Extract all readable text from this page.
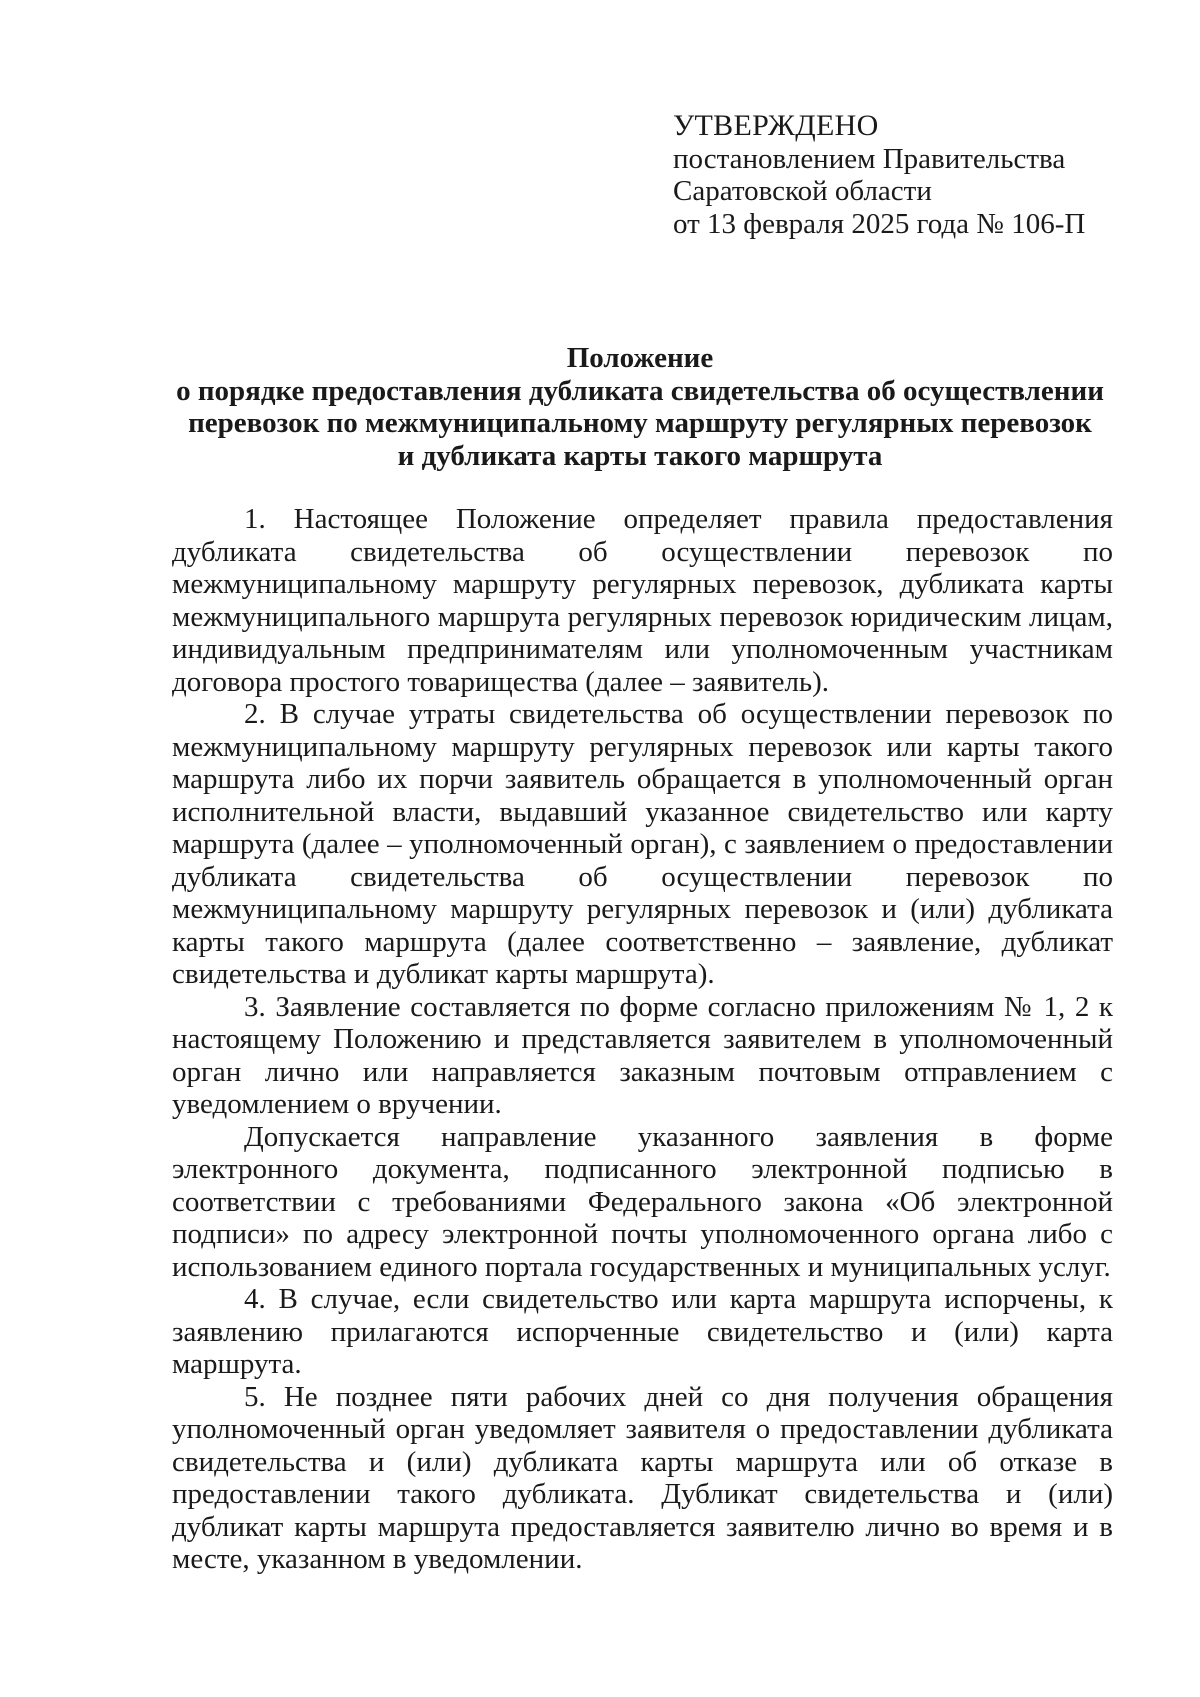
УТВЕРЖДЕНО
постановлением Правительства
Саратовской области
от 13 февраля 2025 года № 106-П
Положение
о порядке предоставления дубликата свидетельства об осуществлении
перевозок по межмуниципальному маршруту регулярных перевозок
и дубликата карты такого маршрута

1. Настоящее Положение определяет правила предоставления дубликата свидетельства об осуществлении перевозок по межмуниципальному маршруту регулярных перевозок, дубликата карты межмуниципального маршрута регулярных перевозок юридическим лицам, индивидуальным предпринимателям или уполномоченным участникам договора простого товарищества (далее – заявитель).

2. В случае утраты свидетельства об осуществлении перевозок по межмуниципальному маршруту регулярных перевозок или карты такого маршрута либо их порчи заявитель обращается в уполномоченный орган исполнительной власти, выдавший указанное свидетельство или карту маршрута (далее – уполномоченный орган), с заявлением о предоставлении дубликата свидетельства об осуществлении перевозок по межмуниципальному маршруту регулярных перевозок и (или) дубликата карты такого маршрута (далее соответственно – заявление, дубликат свидетельства и дубликат карты маршрута).

3. Заявление составляется по форме согласно приложениям № 1, 2 к настоящему Положению и представляется заявителем в уполномоченный орган лично или направляется заказным почтовым отправлением с уведомлением о вручении.

Допускается направление указанного заявления в форме электронного документа, подписанного электронной подписью в соответствии с требованиями Федерального закона «Об электронной подписи» по адресу электронной почты уполномоченного органа либо с использованием единого портала государственных и муниципальных услуг.

4. В случае, если свидетельство или карта маршрута испорчены, к заявлению прилагаются испорченные свидетельство и (или) карта маршрута.

5. Не позднее пяти рабочих дней со дня получения обращения уполномоченный орган уведомляет заявителя о предоставлении дубликата свидетельства и (или) дубликата карты маршрута или об отказе в предоставлении такого дубликата. Дубликат свидетельства и (или) дубликат карты маршрута предоставляется заявителю лично во время и в месте, указанном в уведомлении.
